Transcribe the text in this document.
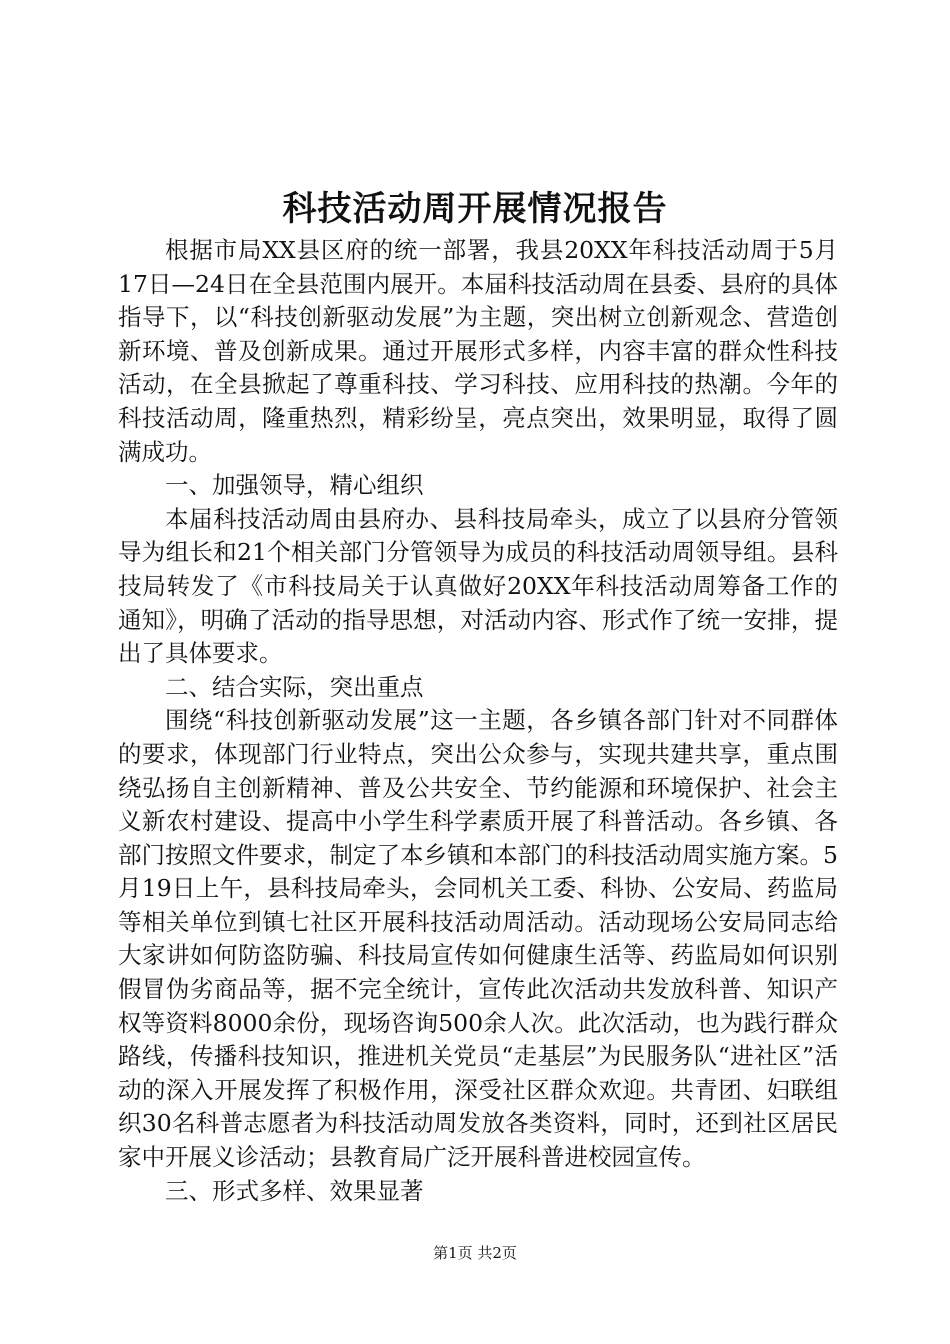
科技活动周开展情况报告

根据市局XX县区府的统一部署，我县20XX年科技活动周于5月17日—24日在全县范围内展开。本届科技活动周在县委、县府的具体指导下，以“科技创新驱动发展”为主题，突出树立创新观念、营造创新环境、普及创新成果。通过开展形式多样，内容丰富的群众性科技活动，在全县掀起了尊重科技、学习科技、应用科技的热潮。今年的科技活动周，隆重热烈，精彩纷呈，亮点突出，效果明显，取得了圆满成功。

一、加强领导，精心组织

本届科技活动周由县府办、县科技局牵头，成立了以县府分管领导为组长和21个相关部门分管领导为成员的科技活动周领导组。县科技局转发了《市科技局关于认真做好20XX年科技活动周筹备工作的通知》，明确了活动的指导思想，对活动内容、形式作了统一安排，提出了具体要求。

二、结合实际，突出重点

围绕“科技创新驱动发展”这一主题，各乡镇各部门针对不同群体的要求，体现部门行业特点，突出公众参与，实现共建共享，重点围绕弘扬自主创新精神、普及公共安全、节约能源和环境保护、社会主义新农村建设、提高中小学生科学素质开展了科普活动。各乡镇、各部门按照文件要求，制定了本乡镇和本部门的科技活动周实施方案。5月19日上午，县科技局牵头，会同机关工委、科协、公安局、药监局等相关单位到镇七社区开展科技活动周活动。活动现场公安局同志给大家讲如何防盗防骗、科技局宣传如何健康生活等、药监局如何识别假冒伪劣商品等，据不完全统计，宣传此次活动共发放科普、知识产权等资料8000余份，现场咨询500余人次。此次活动，也为践行群众路线，传播科技知识，推进机关党员“走基层”为民服务队“进社区”活动的深入开展发挥了积极作用，深受社区群众欢迎。共青团、妇联组织30名科普志愿者为科技活动周发放各类资料，同时，还到社区居民家中开展义诊活动；县教育局广泛开展科普进校园宣传。

三、形式多样、效果显著

第1页 共2页
